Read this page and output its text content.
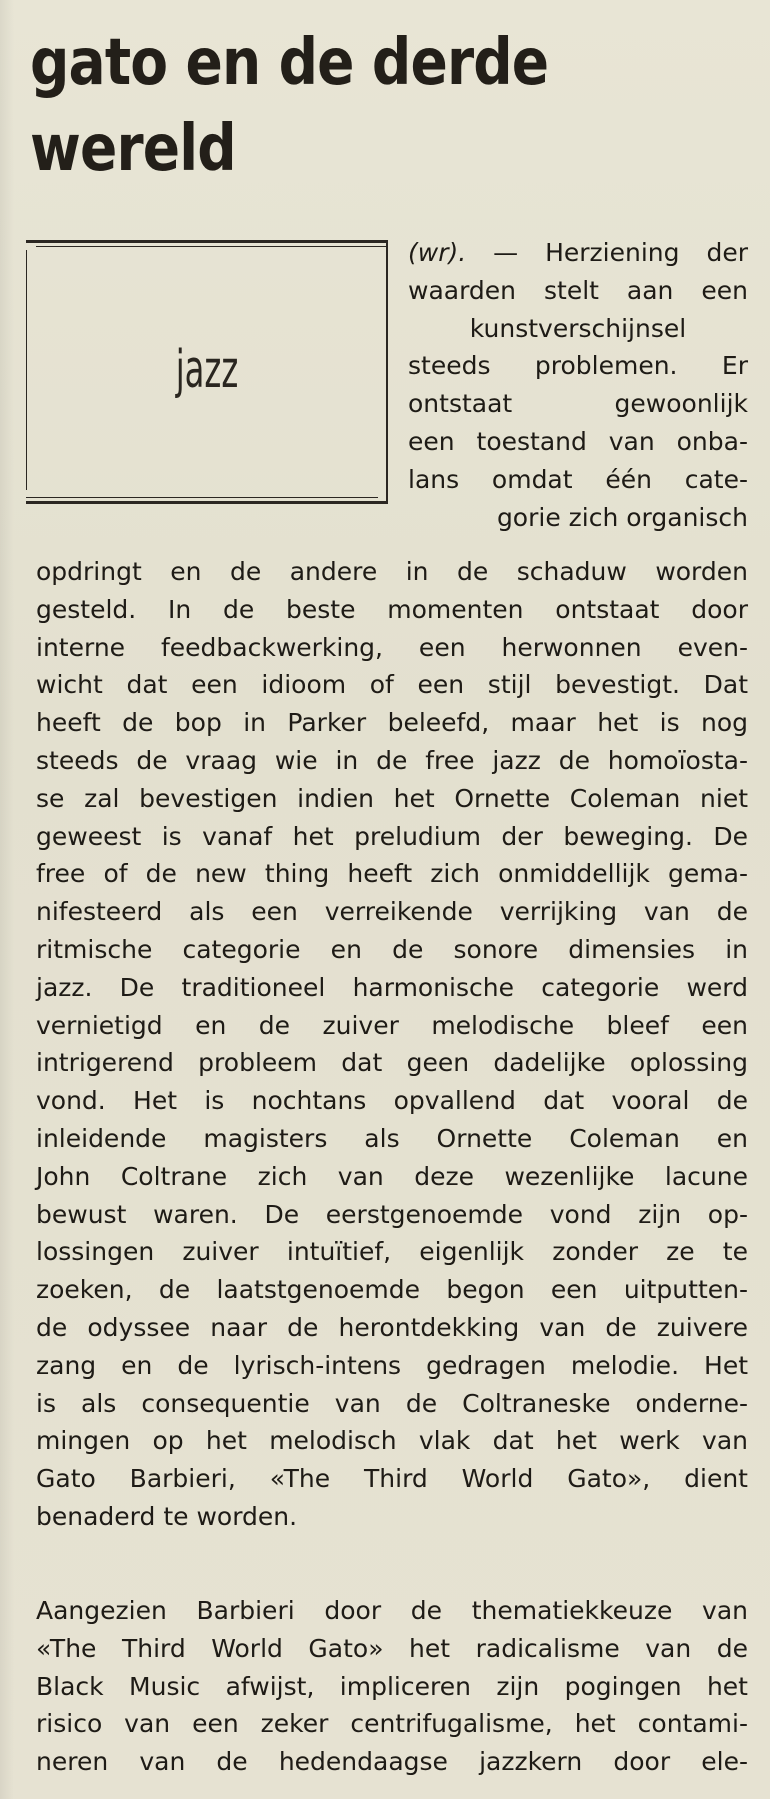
gato en de derde
wereld
jazz
(wr). — Herziening der
waarden stelt aan een
kunstverschijnsel
steeds problemen. Er
ontstaat gewoonlijk
een toestand van onba-
lans omdat één cate-
gorie zich organisch
opdringt en de andere in de schaduw worden
gesteld. In de beste momenten ontstaat door
interne feedbackwerking, een herwonnen even-
wicht dat een idioom of een stijl bevestigt. Dat
heeft de bop in Parker beleefd, maar het is nog
steeds de vraag wie in de free jazz de homoïosta-
se zal bevestigen indien het Ornette Coleman niet
geweest is vanaf het preludium der beweging. De
free of de new thing heeft zich onmiddellijk gema-
nifesteerd als een verreikende verrijking van de
ritmische categorie en de sonore dimensies in
jazz. De traditioneel harmonische categorie werd
vernietigd en de zuiver melodische bleef een
intrigerend probleem dat geen dadelijke oplossing
vond. Het is nochtans opvallend dat vooral de
inleidende magisters als Ornette Coleman en
John Coltrane zich van deze wezenlijke lacune
bewust waren. De eerstgenoemde vond zijn op-
lossingen zuiver intuïtief, eigenlijk zonder ze te
zoeken, de laatstgenoemde begon een uitputten-
de odyssee naar de herontdekking van de zuivere
zang en de lyrisch-intens gedragen melodie. Het
is als consequentie van de Coltraneske onderne-
mingen op het melodisch vlak dat het werk van
Gato Barbieri, «The Third World Gato», dient
benaderd te worden.
Aangezien Barbieri door de thematiekkeuze van
«The Third World Gato» het radicalisme van de
Black Music afwijst, impliceren zijn pogingen het
risico van een zeker centrifugalisme, het contami-
neren van de hedendaagse jazzkern door ele-
